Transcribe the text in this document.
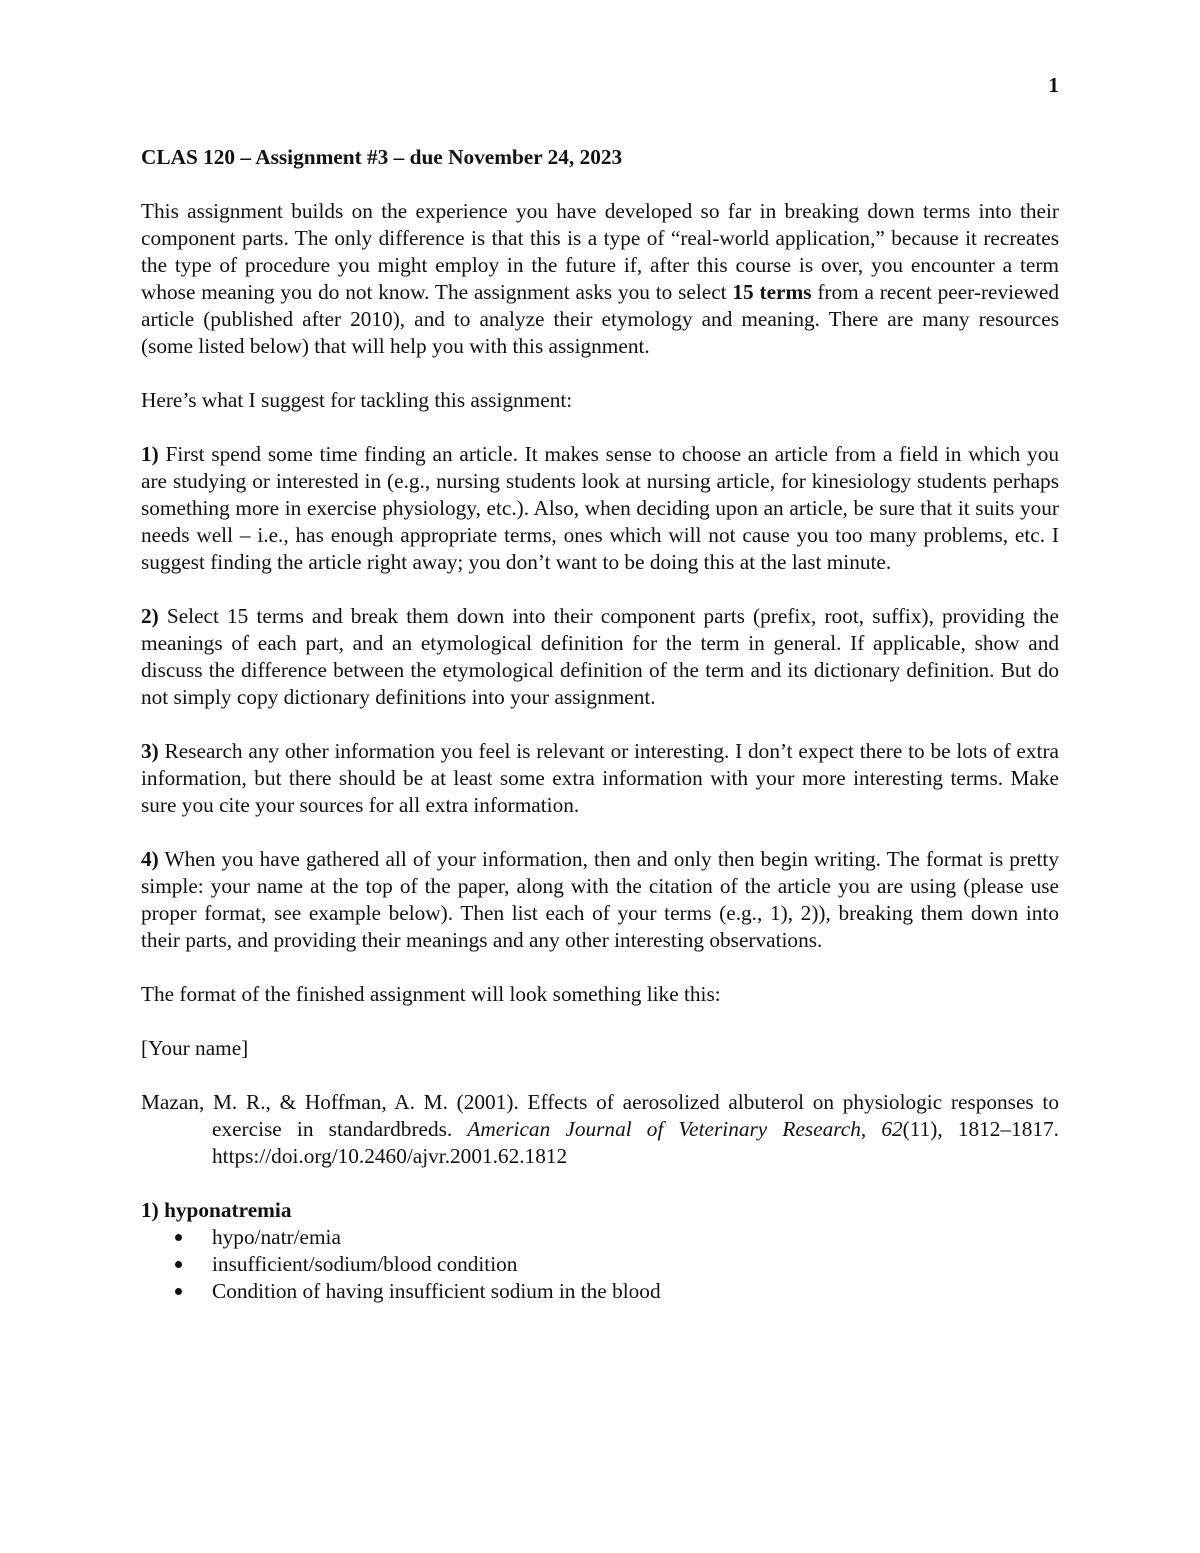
1

CLAS 120 – Assignment #3 – due November 24, 2023

This assignment builds on the experience you have developed so far in breaking down terms into their component parts. The only difference is that this is a type of “real-world application,” because it recreates the type of procedure you might employ in the future if, after this course is over, you encounter a term whose meaning you do not know. The assignment asks you to select 15 terms from a recent peer-reviewed article (published after 2010), and to analyze their etymology and meaning. There are many resources (some listed below) that will help you with this assignment.

Here’s what I suggest for tackling this assignment:

1) First spend some time finding an article. It makes sense to choose an article from a field in which you are studying or interested in (e.g., nursing students look at nursing article, for kinesiology students perhaps something more in exercise physiology, etc.). Also, when deciding upon an article, be sure that it suits your needs well – i.e., has enough appropriate terms, ones which will not cause you too many problems, etc. I suggest finding the article right away; you don’t want to be doing this at the last minute.

2) Select 15 terms and break them down into their component parts (prefix, root, suffix), providing the meanings of each part, and an etymological definition for the term in general. If applicable, show and discuss the difference between the etymological definition of the term and its dictionary definition. But do not simply copy dictionary definitions into your assignment.

3) Research any other information you feel is relevant or interesting. I don’t expect there to be lots of extra information, but there should be at least some extra information with your more interesting terms. Make sure you cite your sources for all extra information.

4) When you have gathered all of your information, then and only then begin writing. The format is pretty simple: your name at the top of the paper, along with the citation of the article you are using (please use proper format, see example below). Then list each of your terms (e.g., 1), 2)), breaking them down into their parts, and providing their meanings and any other interesting observations.

The format of the finished assignment will look something like this:

[Your name]

Mazan, M. R., & Hoffman, A. M. (2001). Effects of aerosolized albuterol on physiologic responses to exercise in standardbreds. American Journal of Veterinary Research, 62(11), 1812–1817. https://doi.org/10.2460/ajvr.2001.62.1812

1) hyponatremia

hypo/natr/emia
insufficient/sodium/blood condition
Condition of having insufficient sodium in the blood
